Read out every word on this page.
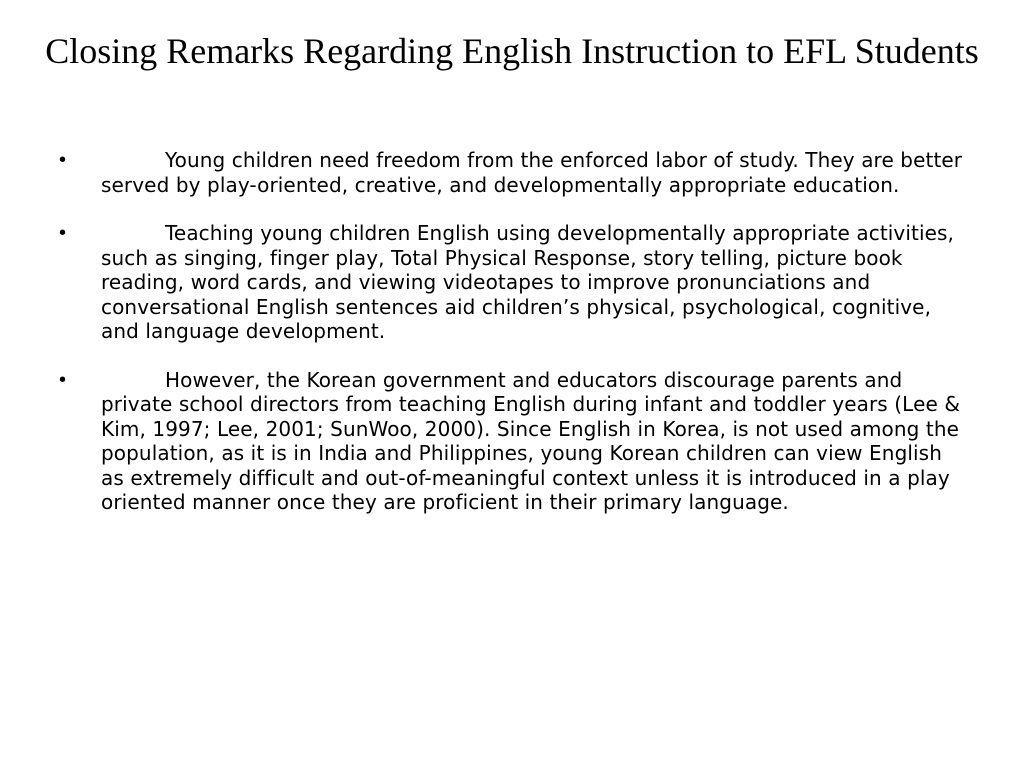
Closing Remarks Regarding English Instruction to EFL Students
•	Young children need freedom from the enforced labor of study. They are better served by play-oriented, creative, and developmentally appropriate education.
•	Teaching young children English using developmentally appropriate activities, such as singing, finger play, Total Physical Response, story telling, picture book reading, word cards, and viewing videotapes to improve pronunciations and conversational English sentences aid children’s physical, psychological, cognitive, and language development.
•	However, the Korean government and educators discourage parents and private school directors from teaching English during infant and toddler years (Lee & Kim, 1997; Lee, 2001; SunWoo, 2000). Since English in Korea, is not used among the population, as it is in India and Philippines, young Korean children can view English as extremely difficult and out-of-meaningful context unless it is introduced in a play oriented manner once they are proficient in their primary language.
